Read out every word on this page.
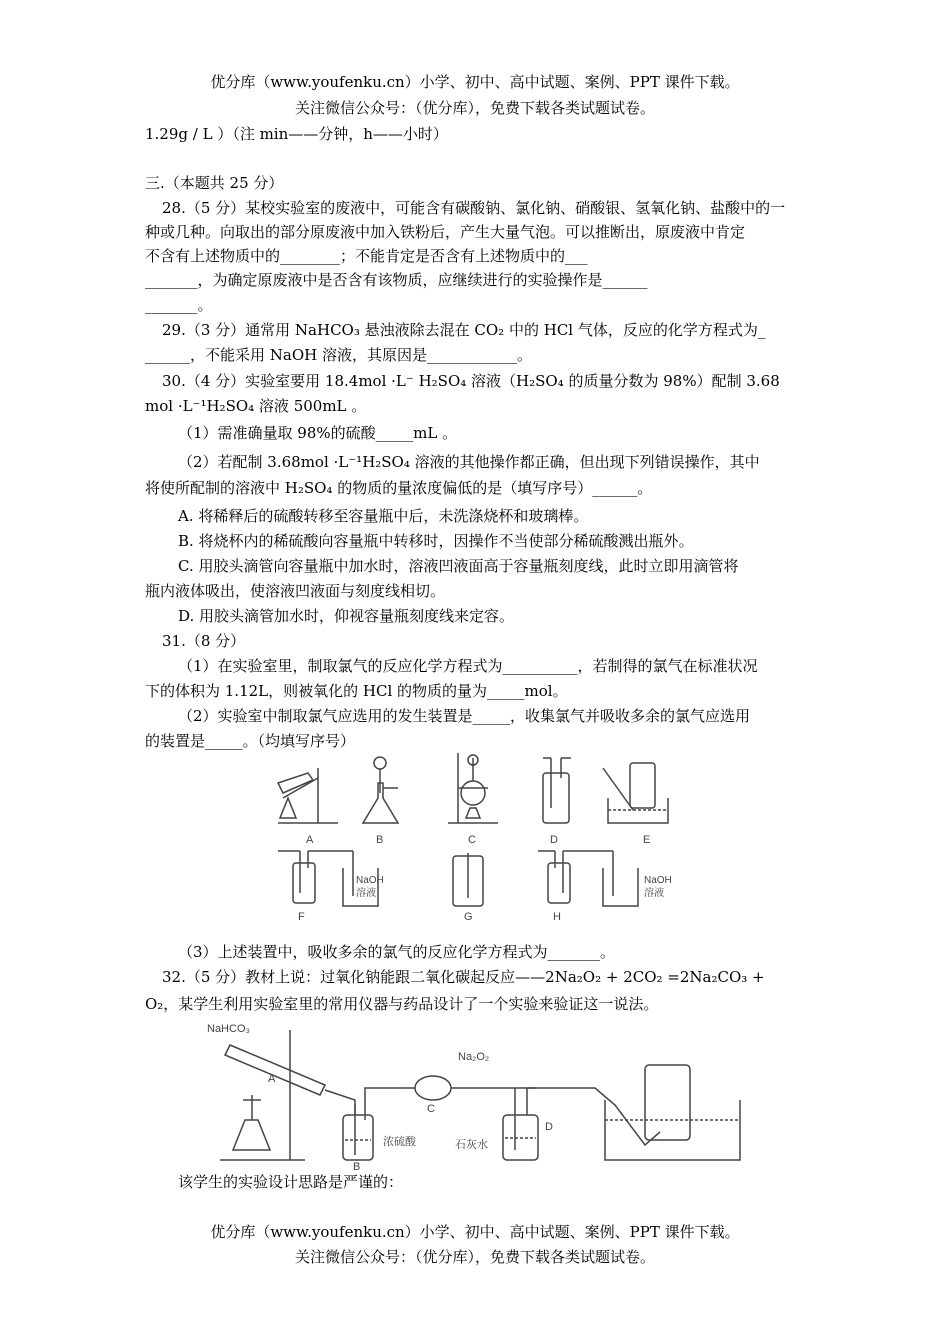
优分库（www.youfenku.cn）小学、初中、高中试题、案例、PPT 课件下载。
关注微信公众号：（优分库），免费下载各类试题试卷。
1.29g / L ）（注 min——分钟，h——小时）
三.（本题共 25 分）
28.（5 分）某校实验室的废液中，可能含有碳酸钠、氯化钠、硝酸银、氢氧化钠、盐酸中的一
种或几种。向取出的部分原废液中加入铁粉后，产生大量气泡。可以推断出，原废液中肯定
不含有上述物质中的________；不能肯定是否含有上述物质中的___
_______，为确定原废液中是否含有该物质，应继续进行的实验操作是______
_______。
29.（3 分）通常用 NaHCO₃ 悬浊液除去混在 CO₂ 中的 HCl 气体，反应的化学方程式为_
______，不能采用 NaOH 溶液，其原因是____________。
30.（4 分）实验室要用 18.4mol ·L⁻ H₂SO₄ 溶液（H₂SO₄ 的质量分数为 98%）配制 3.68
mol ·L⁻¹H₂SO₄ 溶液 500mL 。
（1）需准确量取 98%的硫酸_____mL 。
（2）若配制 3.68mol ·L⁻¹H₂SO₄ 溶液的其他操作都正确，但出现下列错误操作，其中
将使所配制的溶液中 H₂SO₄ 的物质的量浓度偏低的是（填写序号）______。
A. 将稀释后的硫酸转移至容量瓶中后，未洗涤烧杯和玻璃棒。
B. 将烧杯内的稀硫酸向容量瓶中转移时，因操作不当使部分稀硫酸溅出瓶外。
C. 用胶头滴管向容量瓶中加水时，溶液凹液面高于容量瓶刻度线，此时立即用滴管将
瓶内液体吸出，使溶液凹液面与刻度线相切。
D. 用胶头滴管加水时，仰视容量瓶刻度线来定容。
31.（8 分）
（1）在实验室里，制取氯气的反应化学方程式为__________，若制得的氯气在标准状况
下的体积为 1.12L，则被氧化的 HCl 的物质的量为_____mol。
（2）实验室中制取氯气应选用的发生装置是_____，收集氯气并吸收多余的氯气应选用
的装置是_____。（均填写序号）
A	B	C	D	E
F	G	H
NaOH
溶液
NaOH
溶液
（3）上述装置中，吸收多余的氯气的反应化学方程式为_______。
32.（5 分）教材上说：过氧化钠能跟二氧化碳起反应——2Na₂O₂ + 2CO₂ =2Na₂CO₃ +
O₂，某学生利用实验室里的常用仪器与药品设计了一个实验来验证这一说法。
NaHCO₃
A
B
浓硫酸
Na₂O₂
C
D
石灰水
该学生的实验设计思路是严谨的：
优分库（www.youfenku.cn）小学、初中、高中试题、案例、PPT 课件下载。
关注微信公众号：（优分库），免费下载各类试题试卷。
